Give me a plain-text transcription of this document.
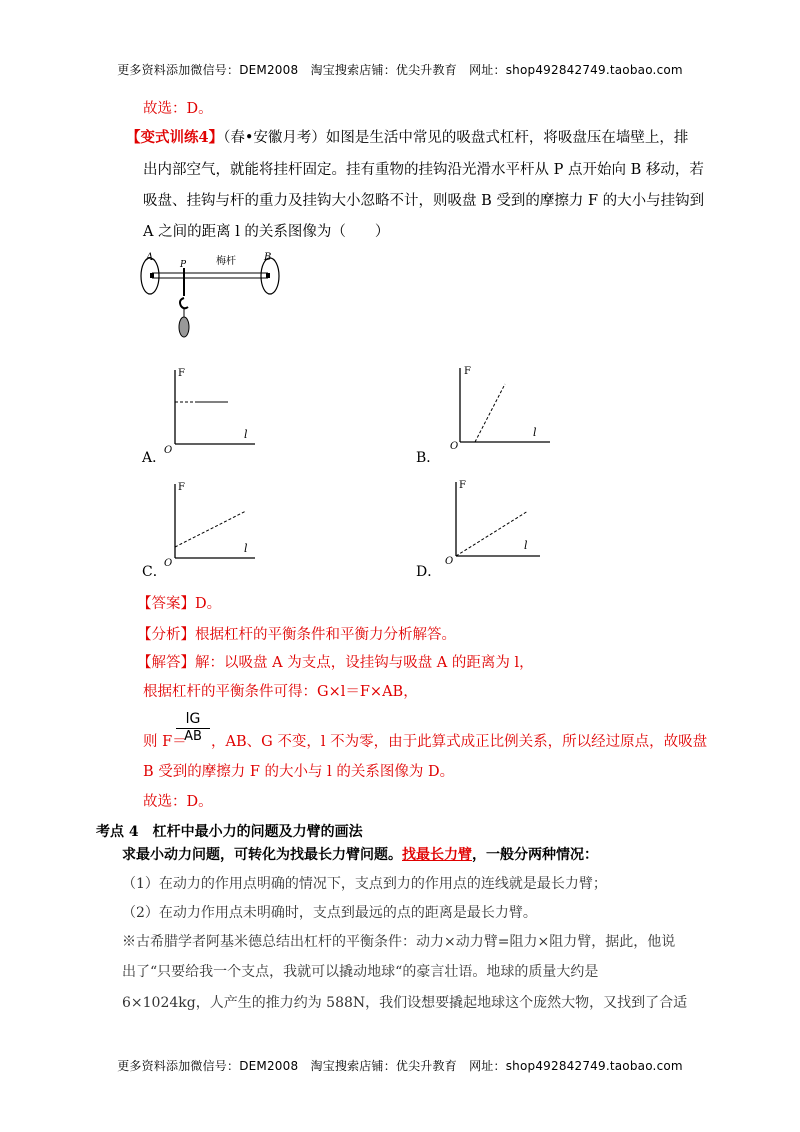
更多资料添加微信号：DEM2008　淘宝搜索店铺：优尖升教育　网址：shop492842749.taobao.com
故选：D。
【变式训练4】（春•安徽月考）如图是生活中常见的吸盘式杠杆，将吸盘压在墙壁上，排
出内部空气，就能将挂杆固定。挂有重物的挂钩沿光滑水平杆从 P 点开始向 B 移动，若
吸盘、挂钩与杆的重力及挂钩大小忽略不计，则吸盘 B 受到的摩擦力 F 的大小与挂钩到
A 之间的距离 l 的关系图像为（　　）
A
P	梅杆	B
F
l
O
A．
F
l
O
B．
F
l
O
C．
F
l
O
D．
【答案】D。
【分析】根据杠杆的平衡条件和平衡力分析解答。
【解答】解：以吸盘 A 为支点，设挂钩与吸盘 A 的距离为 l，
根据杠杆的平衡条件可得：G×l＝F×AB，
lG
AB
则 F＝ ，AB、G 不变，l 不为零，由于此算式成正比例关系，所以经过原点，故吸盘
B 受到的摩擦力 F 的大小与 l 的关系图像为 D。
故选：D。
考点 4　杠杆中最小力的问题及力臂的画法
求最小动力问题，可转化为找最长力臂问题。找最长力臂，一般分两种情况：
（1）在动力的作用点明确的情况下，支点到力的作用点的连线就是最长力臂；
（2）在动力作用点未明确时，支点到最远的点的距离是最长力臂。
※古希腊学者阿基米德总结出杠杆的平衡条件：动力×动力臂=阻力×阻力臂，据此，他说
出了“只要给我一个支点，我就可以撬动地球“的豪言壮语。地球的质量大约是
6×1024kg，人产生的推力约为 588N，我们设想要撬起地球这个庞然大物，又找到了合适
更多资料添加微信号：DEM2008　淘宝搜索店铺：优尖升教育　网址：shop492842749.taobao.com
